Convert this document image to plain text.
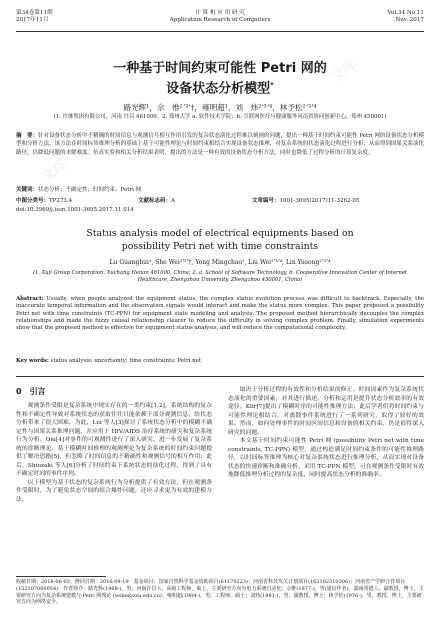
第34卷第11期
2017年11月
计 算 机 应 用 研 究
Application Research of Computers
Vol.34 No.11
Nov. 2017
一种基于时间约束可能性 Petri 网的
设备状态分析模型*
路光辉¹，佘　维²ʼ³ʼ†，雍明超¹，刘　炜²ʼ³ʼ⁴，林予松²ʼ³ʼ⁴
(1. 许继集团有限公司，河南 许昌 461000；2. 郑州大学 a. 软件技术学院；b. 互联网医疗与健康服务河南省协同创新中心，郑州 450001)
摘　要：针对设备状态分析中不精确的时间信息与观测信号相互作用引发的复杂状态演化过程难以刻画的问题，提出一种基于时间约束可能性 Petri 网的设备状态分析模型和分析方法。该方法在时间标签推理分析的基础上基于可能性理论与时间约束相结合实现设备状态推理，对复杂系统的状态演化过程进行分析，从而得到因果关系演化路径，以降低问题的求解难度。仿真实验和相关分析结果表明，提出的方法是一种有效的设备状态分析方法，同时也降低了过程分析的计算复杂度。
关键词：状态分析；不确定性；时间约束；Petri 网
中图分类号：TP273.4	文献标志码：A	文章编号：1001-3695(2017)11-3262-05
doi:10.3969/j.issn.1001-3695.2017.11.014
Status analysis model of electrical equipments based on
possibility Petri net with time constraints
Lu Guanghui¹, She Wei²ʼ³ʼ†, Yong Mingchao¹, Liu Wei²ʼ³ʼ⁴, Lin Yusong²ʼ³ʼ⁴
(1. Xuji Group Corporation, Xuchang Henan 461000, China; 2. a. School of Software Technology, b. Cooperative Innovation Center of Internet Healthcare, Zhengzhou University, Zhengzhou 450001, China)
Abstract: Usually, when people analyzed the equipment status, the complex status evolution process was difficult to backtrack. Especially, the inaccurate temporal information and the observation signals would interact and make the status more complex. This paper proposed a possibility Petri net with time constraints (TC-PPN) for equipment state modeling and analysis. The proposed method hierarchically decouples the complex relationships and made the fuzzy causal relationship clearer to reduce the difficulty in solving complex problem. Finally, simulation experiments show that the proposed method is effective for equipment status analysis, and will reduce the computational complexity.
Key words: status analysis; uncertainty; time constraints; Petri net
0　引言

观测条件受限是复杂系统中现实存在的一类约束[1,2]，系统结构的复杂性和不确定性导致对系统状态的获取往往只能依赖于部分观测信息，给状态分析带来了很大困难。为此，Liu 等人[3]探讨了系统状态分析中的模糊不确定性与因果关系推理问题，并应用于 HIV/AIDS 治疗系统的研究和复杂系统行为分析。Qiu[4]对事件的可观测性进行了深入研究，进一步发展了复杂系统的诊断理论。基于模糊时间推理的观测理论为复杂系统的时间约束问题提供了解决思路[5]，但忽略了时间信息的不精确性和观测信号的相互作用；此后，Shiozaki 等人[6]分析了时间约束下系统状态的演化过程，得到了具有不确定时间的事件序列。

以上模型为基于状态的复杂系统行为分析提供了有效方法，但在观测条件受限时，为了避免状态空间的组合爆炸问题，还应寻求更为有效的建模方法。

取决于分析过程的有效性和分析结果的修正。时间因素作为复杂系统状态演化的重要因素，对其进行描述、分析和运用是提升状态分析效率的有效途径。Klir[7]提出了模糊时序的可能性推理方法；此后学者们将时间约束与可能性理论相结合，对离散事件系统进行了一系列研究，取得了较好的效果。然而，如何处理事件的时间区间信息和设备的相关约束，仍是值得深入研究的问题。

本文基于时间约束可能性 Petri 网 (possibility Petri net with time constraints, TC-PPN) 模型，通过构造满足时间约束条件的可能性推理路径，以时间标签推理为核心对复杂系统状态进行推理分析，从而实现对设备状态的快速诊断和准确分析。采用 TC-PPN 模型，可在观测条件受限时有效地降低推理分析过程的复杂度，同时提高状态分析的准确率。

收稿日期：2016-06-03；修回日期：2016-09-19　基金项目：国家自然科学基金资助项目(61170223)；河南省科技攻关计划项目(162102310306)；河南省产学研合作项目(152107000054)　作者简介：路光辉(1968-)，男，河南许昌人，高级工程师，硕士，主要研究方向为电力系统自动化；佘维(1977-)，男(通信作者)，湖南常德人，副教授，博士，主要研究方向为复杂系统建模与 Petri 网理论 (wshe@zzu.edu.cn)；雍明超(1984-)，男，工程师，硕士；刘炜(1981-)，男，副教授，博士；林予松(1976-)，男，教授，博士，主要研究方向为网络安全。
文库
文库
文库
文库
